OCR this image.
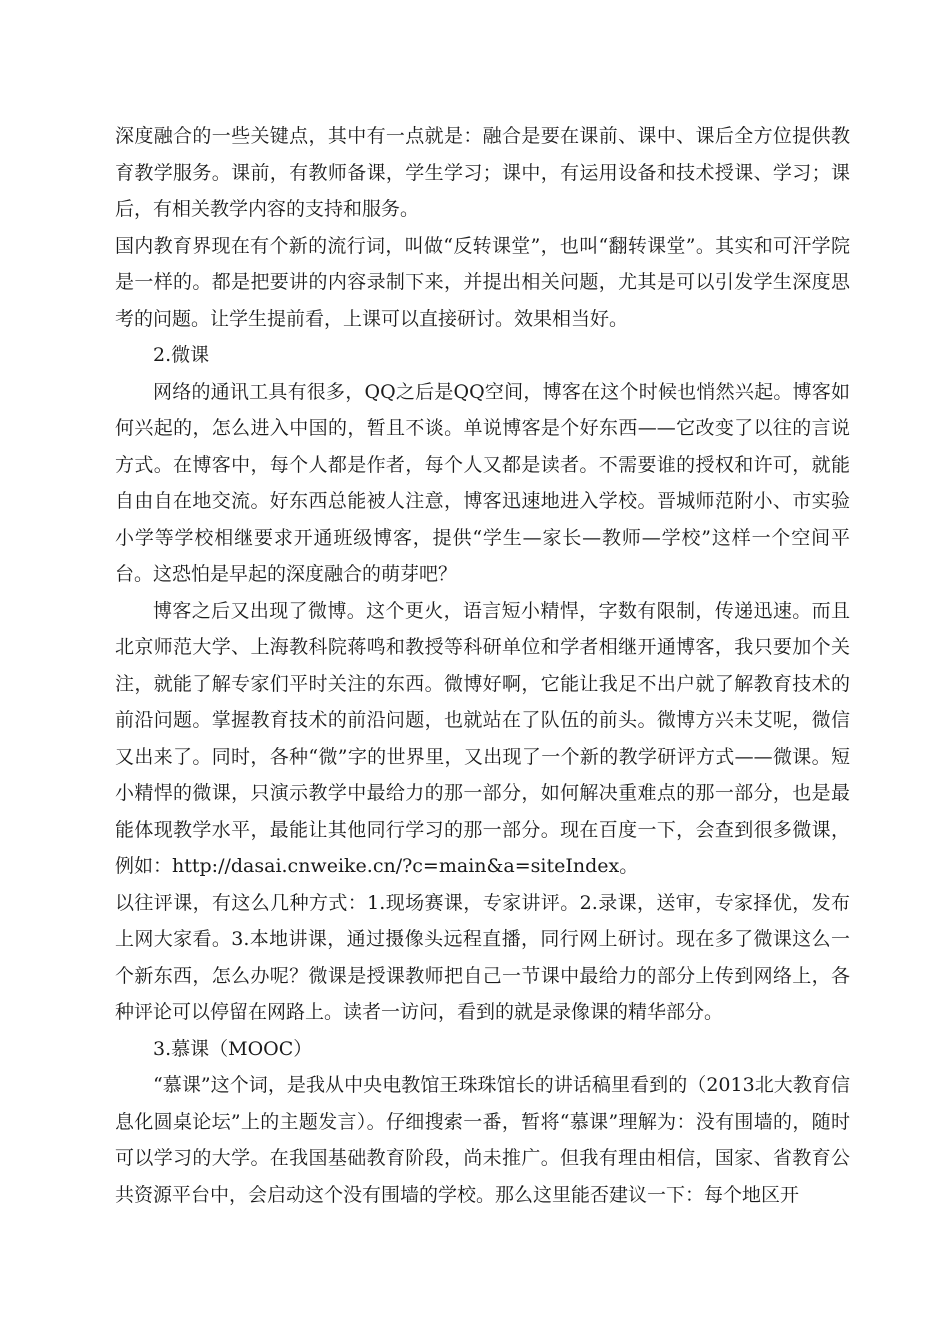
深度融合的一些关键点，其中有一点就是：融合是要在课前、课中、课后全方位提供教育教学服务。课前，有教师备课，学生学习；课中，有运用设备和技术授课、学习；课后，有相关教学内容的支持和服务。

国内教育界现在有个新的流行词，叫做“反转课堂”，也叫“翻转课堂”。其实和可汗学院是一样的。都是把要讲的内容录制下来，并提出相关问题，尤其是可以引发学生深度思考的问题。让学生提前看，上课可以直接研讨。效果相当好。

2.微课

网络的通讯工具有很多，QQ之后是QQ空间，博客在这个时候也悄然兴起。博客如何兴起的，怎么进入中国的，暂且不谈。单说博客是个好东西——它改变了以往的言说方式。在博客中，每个人都是作者，每个人又都是读者。不需要谁的授权和许可，就能自由自在地交流。好东西总能被人注意，博客迅速地进入学校。晋城师范附小、市实验小学等学校相继要求开通班级博客，提供“学生—家长—教师—学校”这样一个空间平台。这恐怕是早起的深度融合的萌芽吧？

博客之后又出现了微博。这个更火，语言短小精悍，字数有限制，传递迅速。而且北京师范大学、上海教科院蒋鸣和教授等科研单位和学者相继开通博客，我只要加个关注，就能了解专家们平时关注的东西。微博好啊，它能让我足不出户就了解教育技术的前沿问题。掌握教育技术的前沿问题，也就站在了队伍的前头。微博方兴未艾呢，微信又出来了。同时，各种“微”字的世界里，又出现了一个新的教学研评方式——微课。短小精悍的微课，只演示教学中最给力的那一部分，如何解决重难点的那一部分，也是最能体现教学水平，最能让其他同行学习的那一部分。现在百度一下，会查到很多微课，例如：http://dasai.cnweike.cn/?c=main&a=siteIndex。

以往评课，有这么几种方式：1.现场赛课，专家讲评。2.录课，送审，专家择优，发布上网大家看。3.本地讲课，通过摄像头远程直播，同行网上研讨。现在多了微课这么一个新东西，怎么办呢？微课是授课教师把自己一节课中最给力的部分上传到网络上，各种评论可以停留在网路上。读者一访问，看到的就是录像课的精华部分。

3.慕课（MOOC）

“慕课”这个词，是我从中央电教馆王珠珠馆长的讲话稿里看到的（2013北大教育信息化圆桌论坛”上的主题发言）。仔细搜索一番，暂将“慕课”理解为：没有围墙的，随时可以学习的大学。在我国基础教育阶段，尚未推广。但我有理由相信，国家、省教育公共资源平台中，会启动这个没有围墙的学校。那么这里能否建议一下：每个地区开
